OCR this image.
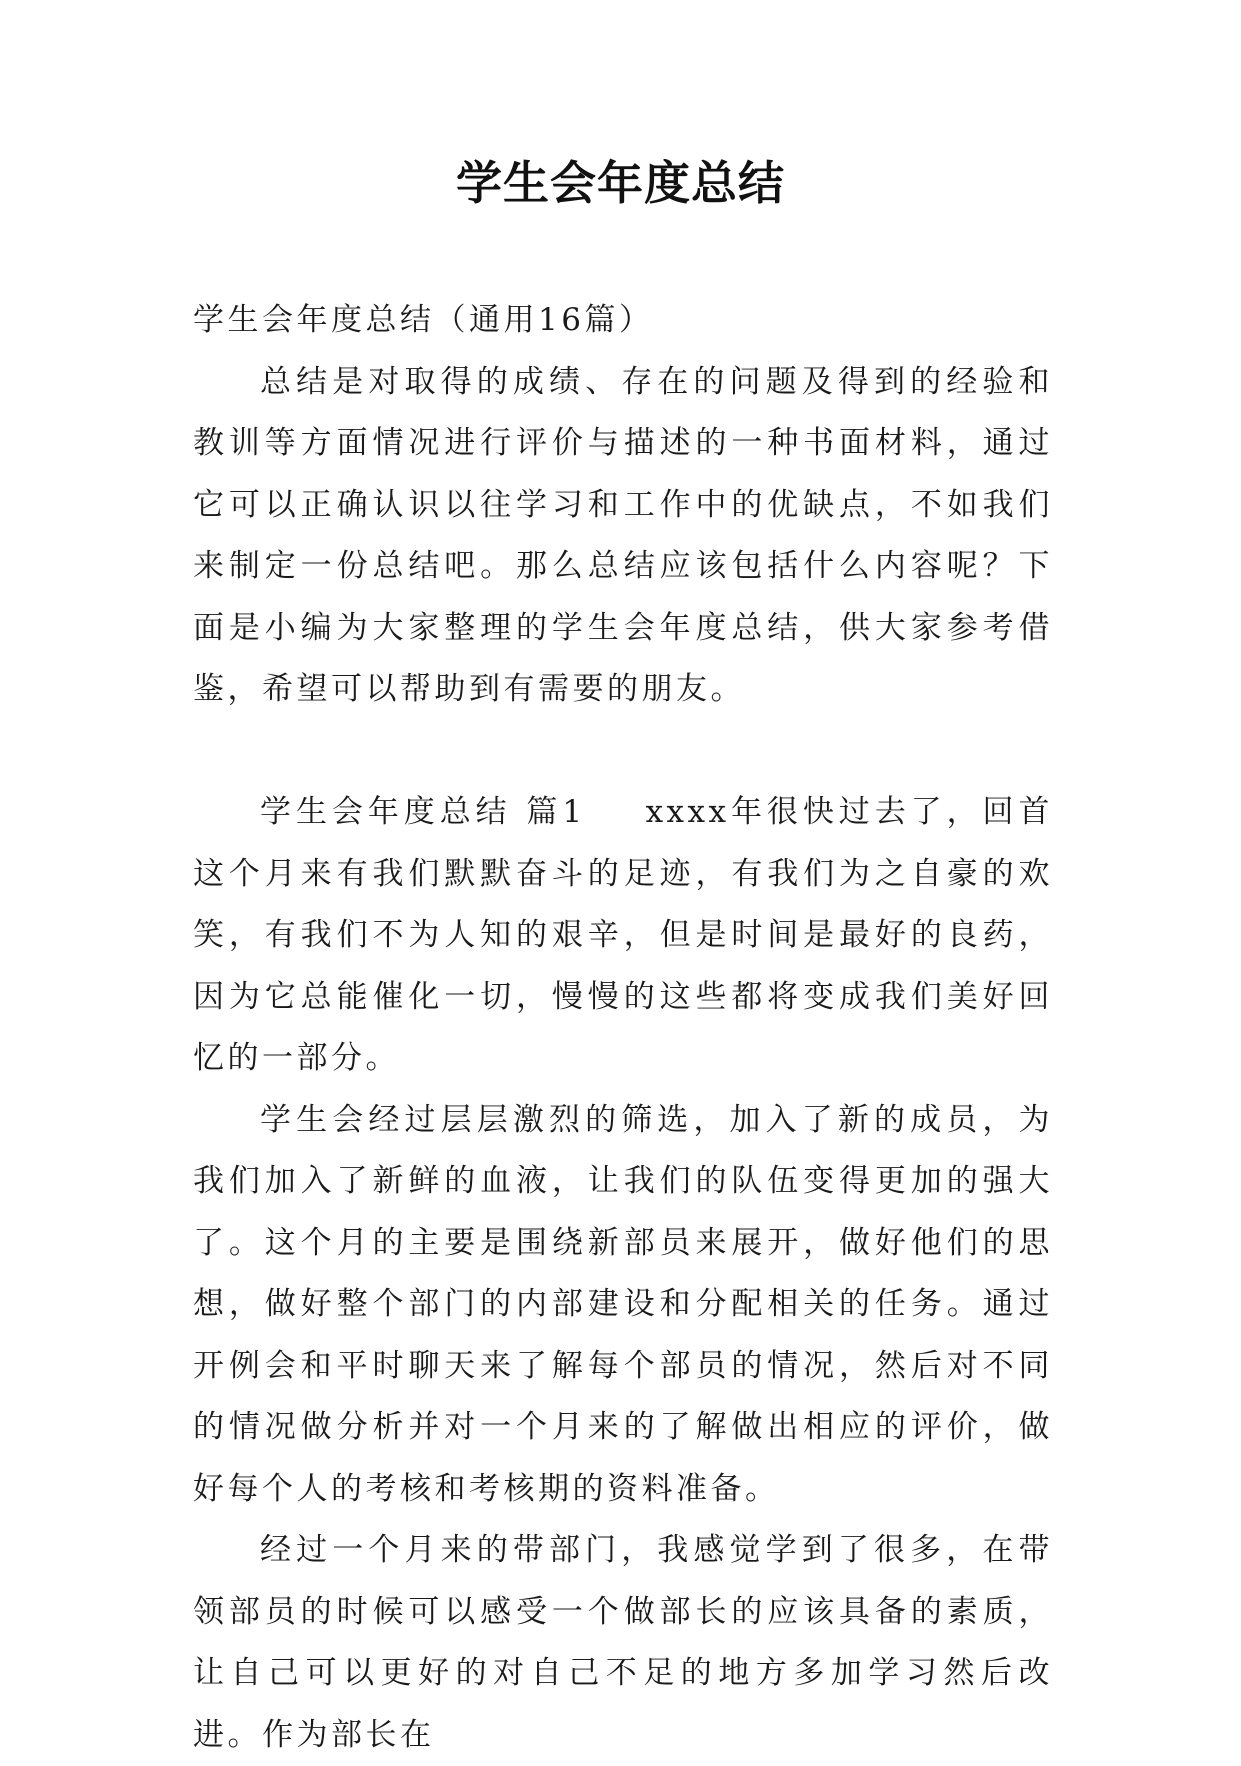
学生会年度总结

学生会年度总结（通用16篇）

总结是对取得的成绩、存在的问题及得到的经验和教训等方面情况进行评价与描述的一种书面材料，通过它可以正确认识以往学习和工作中的优缺点，不如我们来制定一份总结吧。那么总结应该包括什么内容呢？下面是小编为大家整理的学生会年度总结，供大家参考借鉴，希望可以帮助到有需要的朋友。

学生会年度总结 篇1 xxxx年很快过去了，回首这个月来有我们默默奋斗的足迹，有我们为之自豪的欢笑，有我们不为人知的艰辛，但是时间是最好的良药，因为它总能催化一切，慢慢的这些都将变成我们美好回忆的一部分。

学生会经过层层激烈的筛选，加入了新的成员，为我们加入了新鲜的血液，让我们的队伍变得更加的强大了。这个月的主要是围绕新部员来展开，做好他们的思想，做好整个部门的内部建设和分配相关的任务。通过开例会和平时聊天来了解每个部员的情况，然后对不同的情况做分析并对一个月来的了解做出相应的评价，做好每个人的考核和考核期的资料准备。

经过一个月来的带部门，我感觉学到了很多，在带领部员的时候可以感受一个做部长的应该具备的素质，让自己可以更好的对自己不足的地方多加学习然后改进。作为部长在
